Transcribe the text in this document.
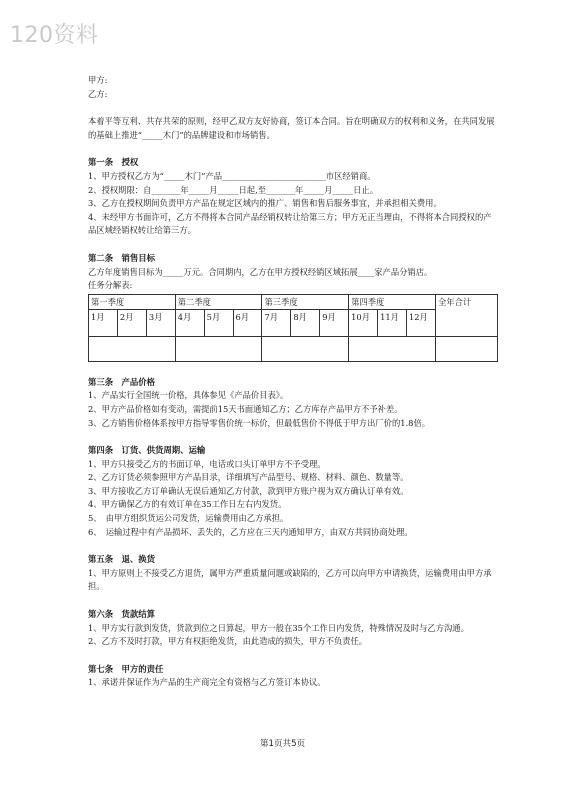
120资料

甲方:

乙方:

本着平等互利、共存共荣的原则，经甲乙双方友好协商，签订本合同。旨在明确双方的权利和义务，在共同发展的基础上推进“_____木门”的品牌建设和市场销售。

第一条　授权

1、甲方授权乙方为“_____木门”产品_________________________市区经销商。

2、授权期限：自_______年_____月_____日起,至_______年_____月_____日止。

3、乙方在授权期间负责甲方产品在规定区域内的推广、销售和售后服务事宜，并承担相关费用。

4、未经甲方书面许可，乙方不得将本合同产品经销权转让给第三方；甲方无正当理由，不得将本合同授权的产品区域经销权转让给第三方。

第二条　销售目标

乙方年度销售目标为_____万元。合同期内，乙方在甲方授权经销区域拓展____家产品分销店。

任务分解表:

第一季度			第二季度			第三季度			第四季度			全年合计
1月	2月	3月	4月	5月	6月	7月	8月	9月	10月	11月	12月	

第三条　产品价格

1、产品实行全国统一价格，具体参见《产品价目表》。

2、甲方产品价格如有变动，需提前15天书面通知乙方；乙方库存产品甲方不予补差。

3、乙方销售价格体系按甲方指导零售价统一标价，但最低售价不得低于甲方出厂价的1.8倍。

第四条　订货、供货周期、运输

1、甲方只接受乙方的书面订单，电话或口头订单甲方不予受理。

2、乙方订货必须参照甲方产品目录，详细填写产品型号、规格、材料、颜色、数量等。

3、甲方接收乙方订单确认无误后通知乙方付款，款到甲方账户视为双方确认订单有效。

4、甲方确保乙方的有效订单在35工作日左右内发货。

5、　由甲方组织货运公司发货，运输费用由乙方承担。

6、　运输过程中有产品损坏、丢失的，乙方应在三天内通知甲方，由双方共同协商处理。

第五条　退、换货

1、甲方原则上不接受乙方退货，属甲方严重质量问题或缺陷的，乙方可以向甲方申请换货，运输费用由甲方承担。

第六条　货款结算

1、甲方实行款到发货，货款到位之日算起，甲方一般在35个工作日内发货，特殊情况及时与乙方沟通。

2、乙方不及时打款，甲方有权拒绝发货，由此造成的损失，甲方不负责任。

第七条　甲方的责任

1、承诺并保证作为产品的生产商完全有资格与乙方签订本协议。

第1页共5页
